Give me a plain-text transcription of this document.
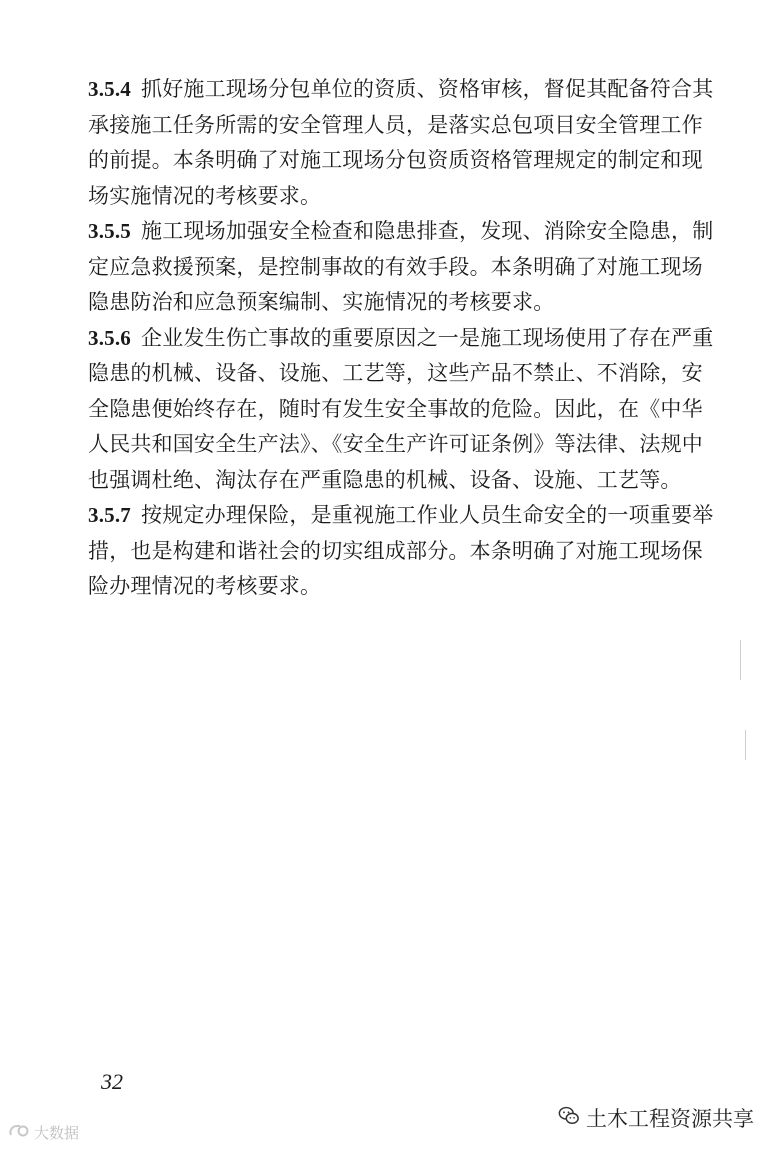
3.5.4 抓好施工现场分包单位的资质、资格审核，督促其配备符合其承接施工任务所需的安全管理人员，是落实总包项目安全管理工作的前提。本条明确了对施工现场分包资质资格管理规定的制定和现场实施情况的考核要求。

3.5.5 施工现场加强安全检查和隐患排查，发现、消除安全隐患，制定应急救援预案，是控制事故的有效手段。本条明确了对施工现场隐患防治和应急预案编制、实施情况的考核要求。

3.5.6 企业发生伤亡事故的重要原因之一是施工现场使用了存在严重隐患的机械、设备、设施、工艺等，这些产品不禁止、不消除，安全隐患便始终存在，随时有发生安全事故的危险。因此，在《中华人民共和国安全生产法》、《安全生产许可证条例》等法律、法规中也强调杜绝、淘汰存在严重隐患的机械、设备、设施、工艺等。

3.5.7 按规定办理保险，是重视施工作业人员生命安全的一项重要举措，也是构建和谐社会的切实组成部分。本条明确了对施工现场保险办理情况的考核要求。

32
土木工程资源共享
大数据
